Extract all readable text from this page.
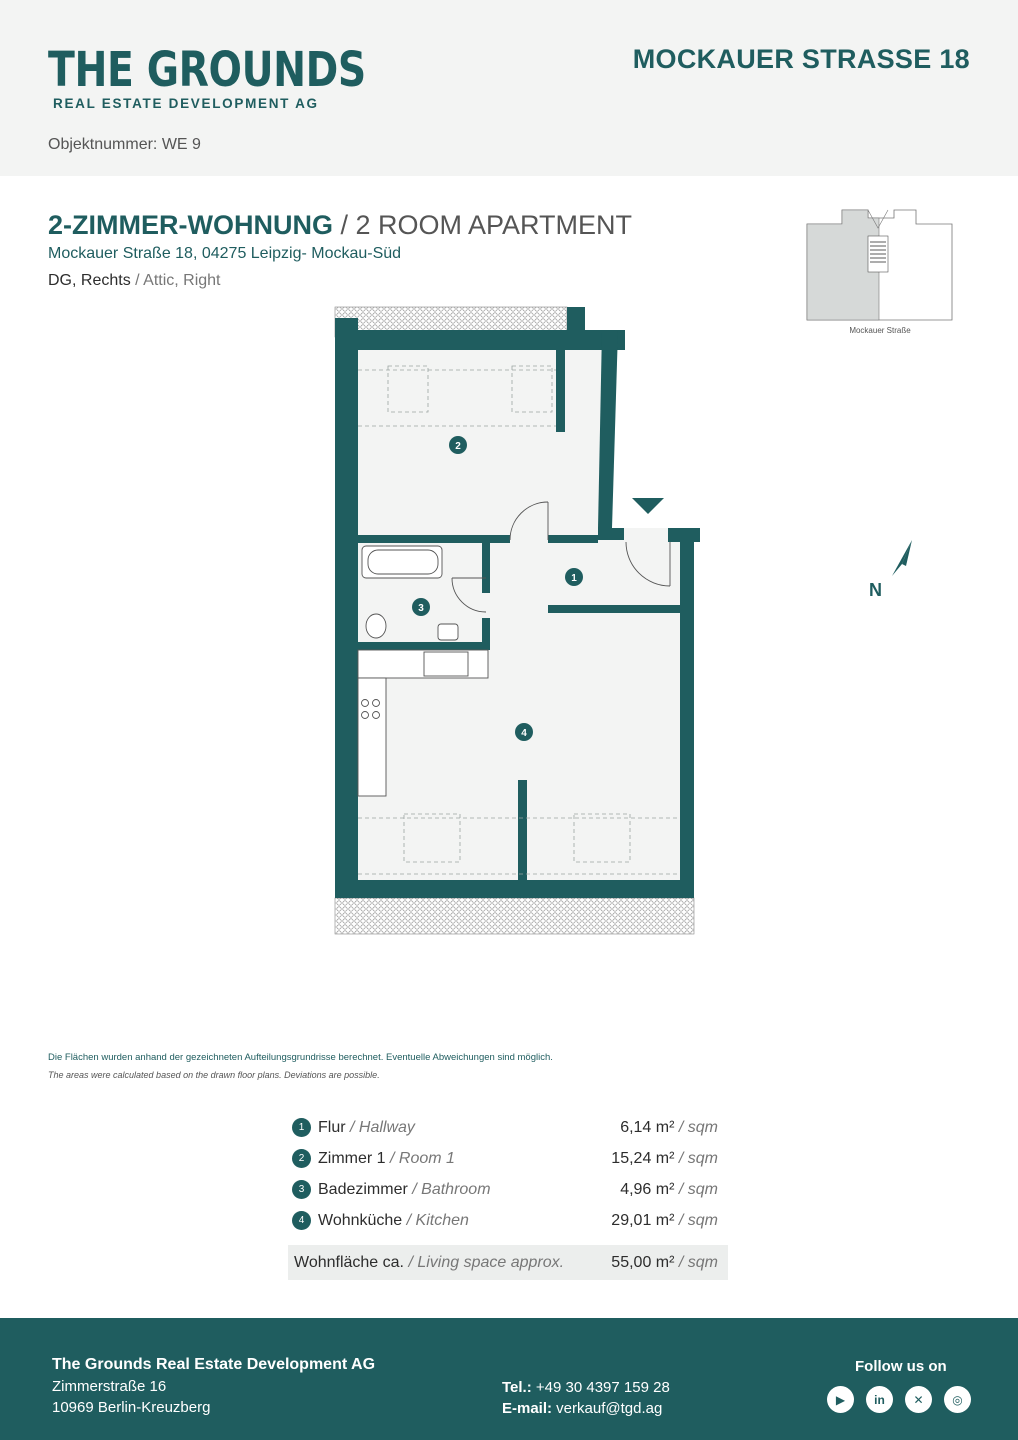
THE GROUNDS
REAL ESTATE DEVELOPMENT AG
MOCKAUER STRASSE 18
Objektnummer: WE 9
2-ZIMMER-WOHNUNG / 2 ROOM APARTMENT
Mockauer Straße 18, 04275 Leipzig- Mockau-Süd
DG, Rechts / Attic, Right
Mockauer Straße
2
1
3
4
N
Die Flächen wurden anhand der gezeichneten Aufteilungsgrundrisse berechnet. Eventuelle Abweichungen sind möglich.
The areas were calculated based on the drawn floor plans. Deviations are possible.
1 Flur / Hallway	6,14 m² / sqm
2 Zimmer 1 / Room 1	15,24 m² / sqm
3 Badezimmer / Bathroom	4,96 m² / sqm
4 Wohnküche / Kitchen	29,01 m² / sqm
Wohnfläche ca. / Living space approx.	55,00 m² / sqm
The Grounds Real Estate Development AG
Zimmerstraße 16
10969 Berlin-Kreuzberg
Tel.: +49 30 4397 159 28
E-mail: verkauf@tgd.ag
Follow us on
▶	in	✕	◎
